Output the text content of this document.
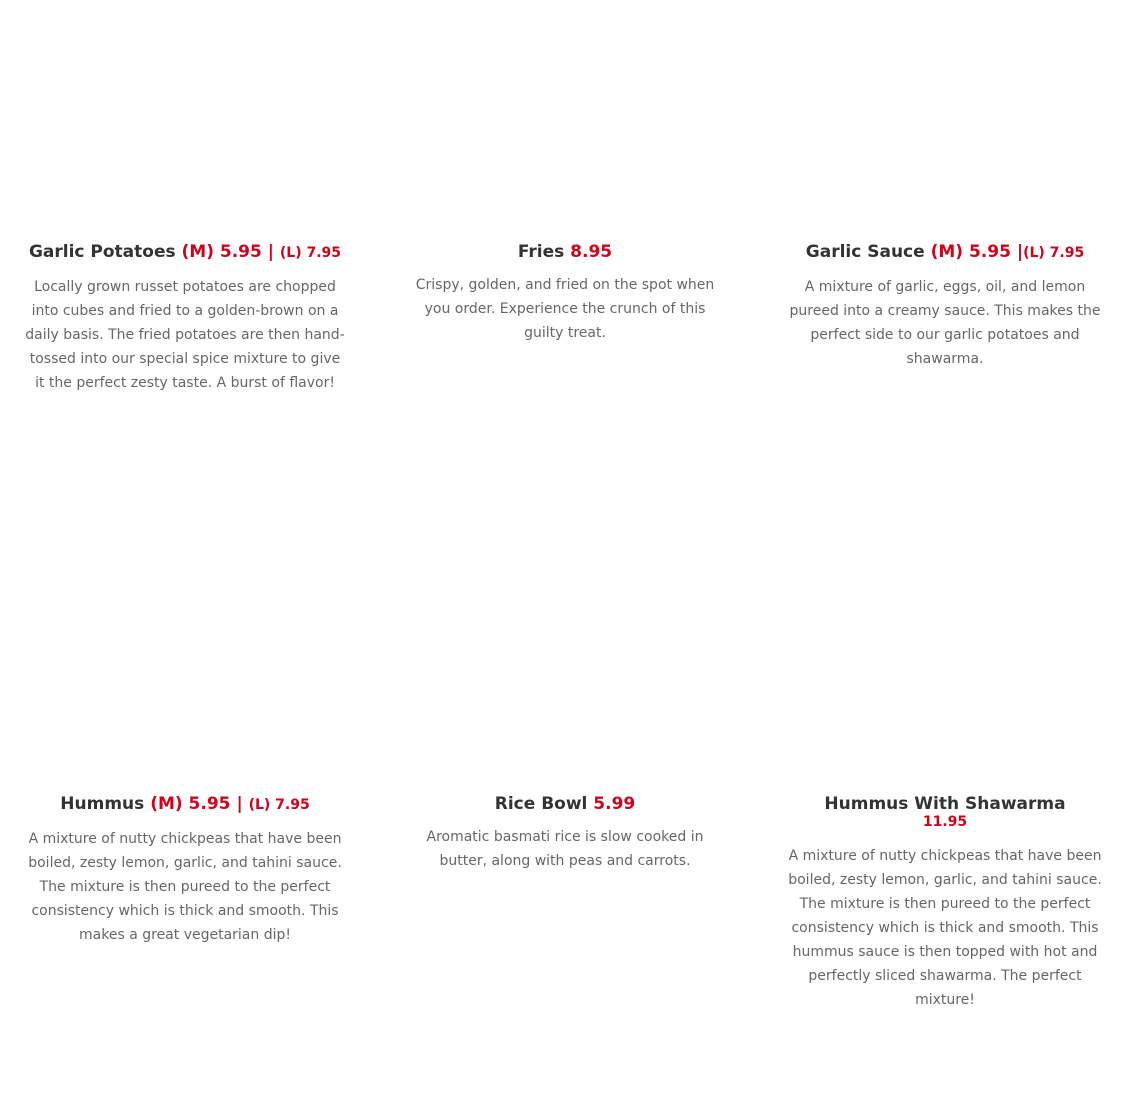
Garlic Potatoes (M) 5.95 | (L) 7.95
Locally grown russet potatoes are chopped into cubes and fried to a golden-brown on a daily basis. The fried potatoes are then hand-tossed into our special spice mixture to give it the perfect zesty taste. A burst of flavor!
Fries 8.95
Crispy, golden, and fried on the spot when you order. Experience the crunch of this guilty treat.
Garlic Sauce (M) 5.95 |(L) 7.95
A mixture of garlic, eggs, oil, and lemon pureed into a creamy sauce. This makes the perfect side to our garlic potatoes and shawarma.
Hummus (M) 5.95 | (L) 7.95
A mixture of nutty chickpeas that have been boiled, zesty lemon, garlic, and tahini sauce. The mixture is then pureed to the perfect consistency which is thick and smooth. This makes a great vegetarian dip!
Rice Bowl 5.99
Aromatic basmati rice is slow cooked in butter, along with peas and carrots.
Hummus With Shawarma
11.95
A mixture of nutty chickpeas that have been boiled, zesty lemon, garlic, and tahini sauce. The mixture is then pureed to the perfect consistency which is thick and smooth. This hummus sauce is then topped with hot and perfectly sliced shawarma. The perfect mixture!
